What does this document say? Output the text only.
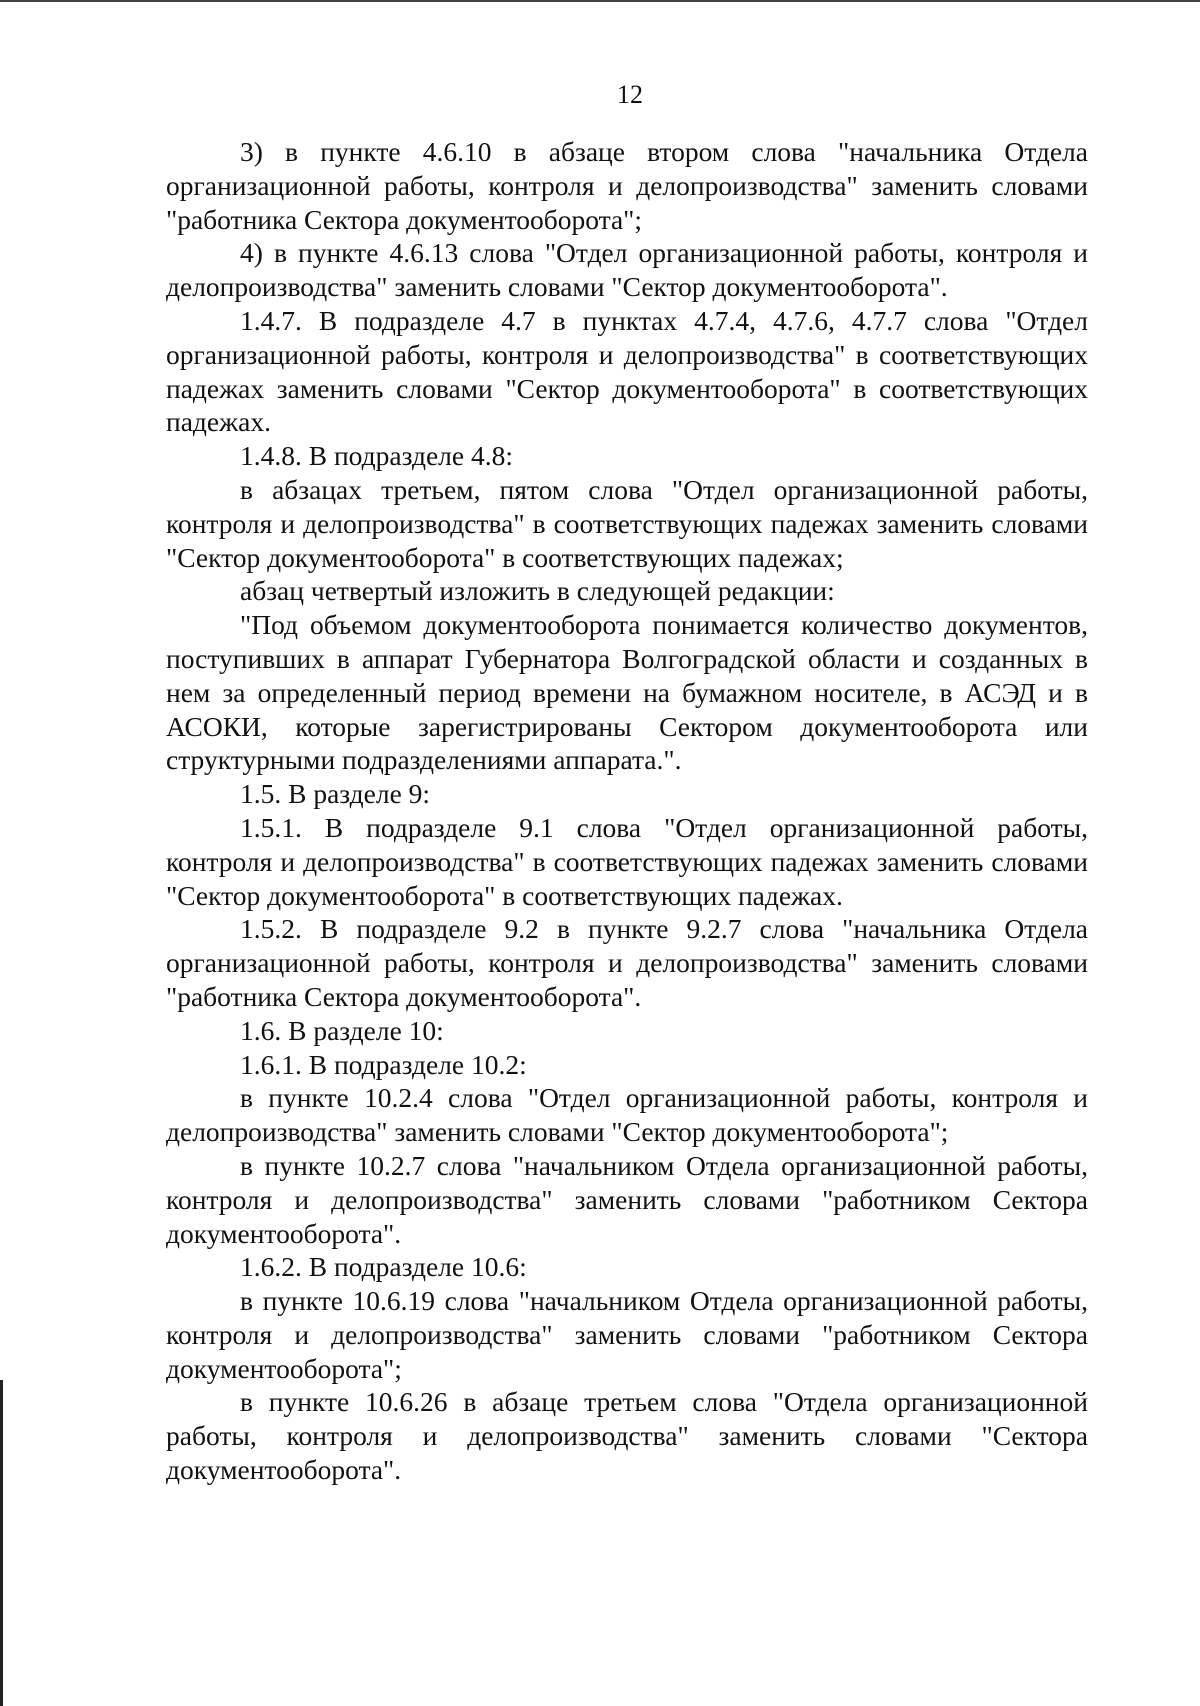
12

3) в пункте 4.6.10 в абзаце втором слова "начальника Отдела организационной работы, контроля и делопроизводства" заменить словами "работника Сектора документооборота";

4) в пункте 4.6.13 слова "Отдел организационной работы, контроля и делопроизводства" заменить словами "Сектор документооборота".

1.4.7. В подразделе 4.7 в пунктах 4.7.4, 4.7.6, 4.7.7 слова "Отдел организационной работы, контроля и делопроизводства" в соответствующих падежах заменить словами "Сектор документооборота" в соответствующих падежах.

1.4.8. В подразделе 4.8:

в абзацах третьем, пятом слова "Отдел организационной работы, контроля и делопроизводства" в соответствующих падежах заменить словами "Сектор документооборота" в соответствующих падежах;

абзац четвертый изложить в следующей редакции:

"Под объемом документооборота понимается количество документов, поступивших в аппарат Губернатора Волгоградской области и созданных в нем за определенный период времени на бумажном носителе, в АСЭД и в АСОКИ, которые зарегистрированы Сектором документооборота или структурными подразделениями аппарата.".

1.5. В разделе 9:

1.5.1. В подразделе 9.1 слова "Отдел организационной работы, контроля и делопроизводства" в соответствующих падежах заменить словами "Сектор документооборота" в соответствующих падежах.

1.5.2. В подразделе 9.2 в пункте 9.2.7 слова "начальника Отдела организационной работы, контроля и делопроизводства" заменить словами "работника Сектора документооборота".

1.6. В разделе 10:

1.6.1. В подразделе 10.2:

в пункте 10.2.4 слова "Отдел организационной работы, контроля и делопроизводства" заменить словами "Сектор документооборота";

в пункте 10.2.7 слова "начальником Отдела организационной работы, контроля и делопроизводства" заменить словами "работником Сектора документооборота".

1.6.2. В подразделе 10.6:

в пункте 10.6.19 слова "начальником Отдела организационной работы, контроля и делопроизводства" заменить словами "работником Сектора документооборота";

в пункте 10.6.26 в абзаце третьем слова "Отдела организационной работы, контроля и делопроизводства" заменить словами "Сектора документооборота".
